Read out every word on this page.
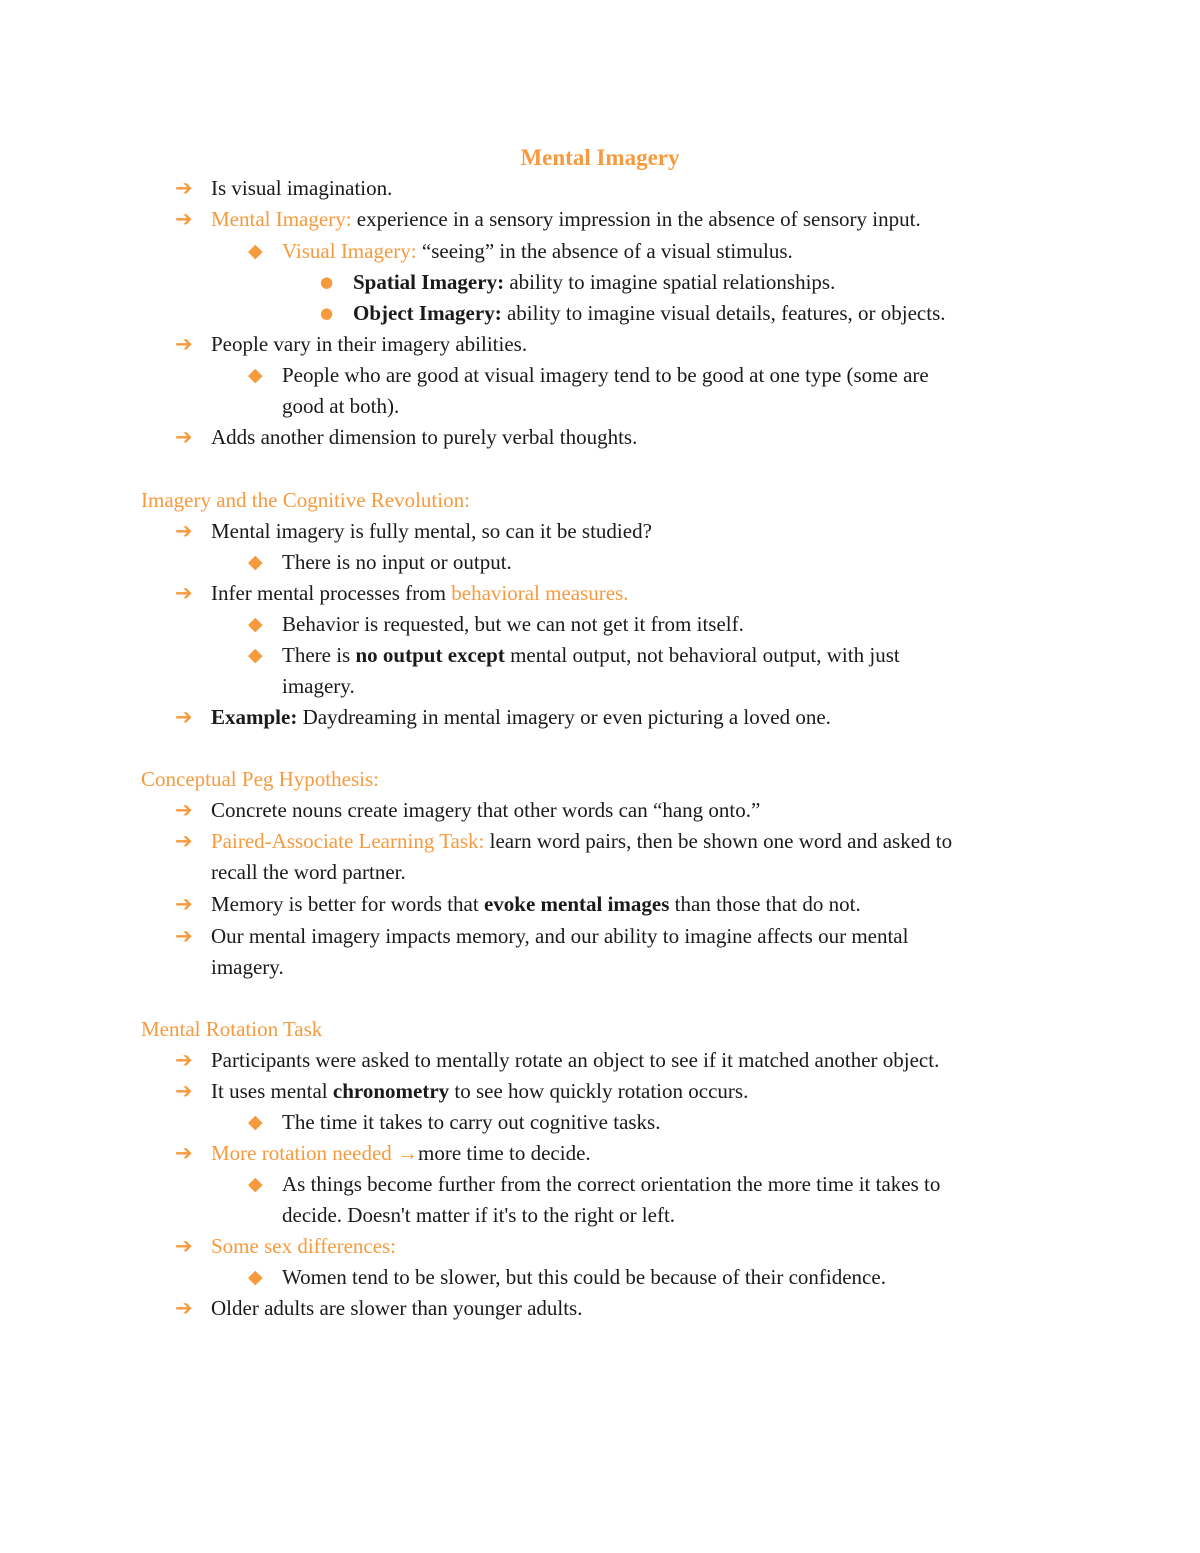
Mental Imagery
➔ Is visual imagination.
➔ Mental Imagery: experience in a sensory impression in the absence of sensory input.
◆ Visual Imagery: “seeing” in the absence of a visual stimulus.
● Spatial Imagery: ability to imagine spatial relationships.
● Object Imagery: ability to imagine visual details, features, or objects.
➔ People vary in their imagery abilities.
◆ People who are good at visual imagery tend to be good at one type (some are
good at both).
➔ Adds another dimension to purely verbal thoughts.
Imagery and the Cognitive Revolution:
➔ Mental imagery is fully mental, so can it be studied?
◆ There is no input or output.
➔ Infer mental processes from behavioral measures.
◆ Behavior is requested, but we can not get it from itself.
◆ There is no output except mental output, not behavioral output, with just
imagery.
➔ Example: Daydreaming in mental imagery or even picturing a loved one.
Conceptual Peg Hypothesis:
➔ Concrete nouns create imagery that other words can “hang onto.”
➔ Paired-Associate Learning Task: learn word pairs, then be shown one word and asked to
recall the word partner.
➔ Memory is better for words that evoke mental images than those that do not.
➔ Our mental imagery impacts memory, and our ability to imagine affects our mental
imagery.
Mental Rotation Task
➔ Participants were asked to mentally rotate an object to see if it matched another object.
➔ It uses mental chronometry to see how quickly rotation occurs.
◆ The time it takes to carry out cognitive tasks.
➔ More rotation needed →more time to decide.
◆ As things become further from the correct orientation the more time it takes to
decide. Doesn't matter if it's to the right or left.
➔ Some sex differences:
◆ Women tend to be slower, but this could be because of their confidence.
➔ Older adults are slower than younger adults.
